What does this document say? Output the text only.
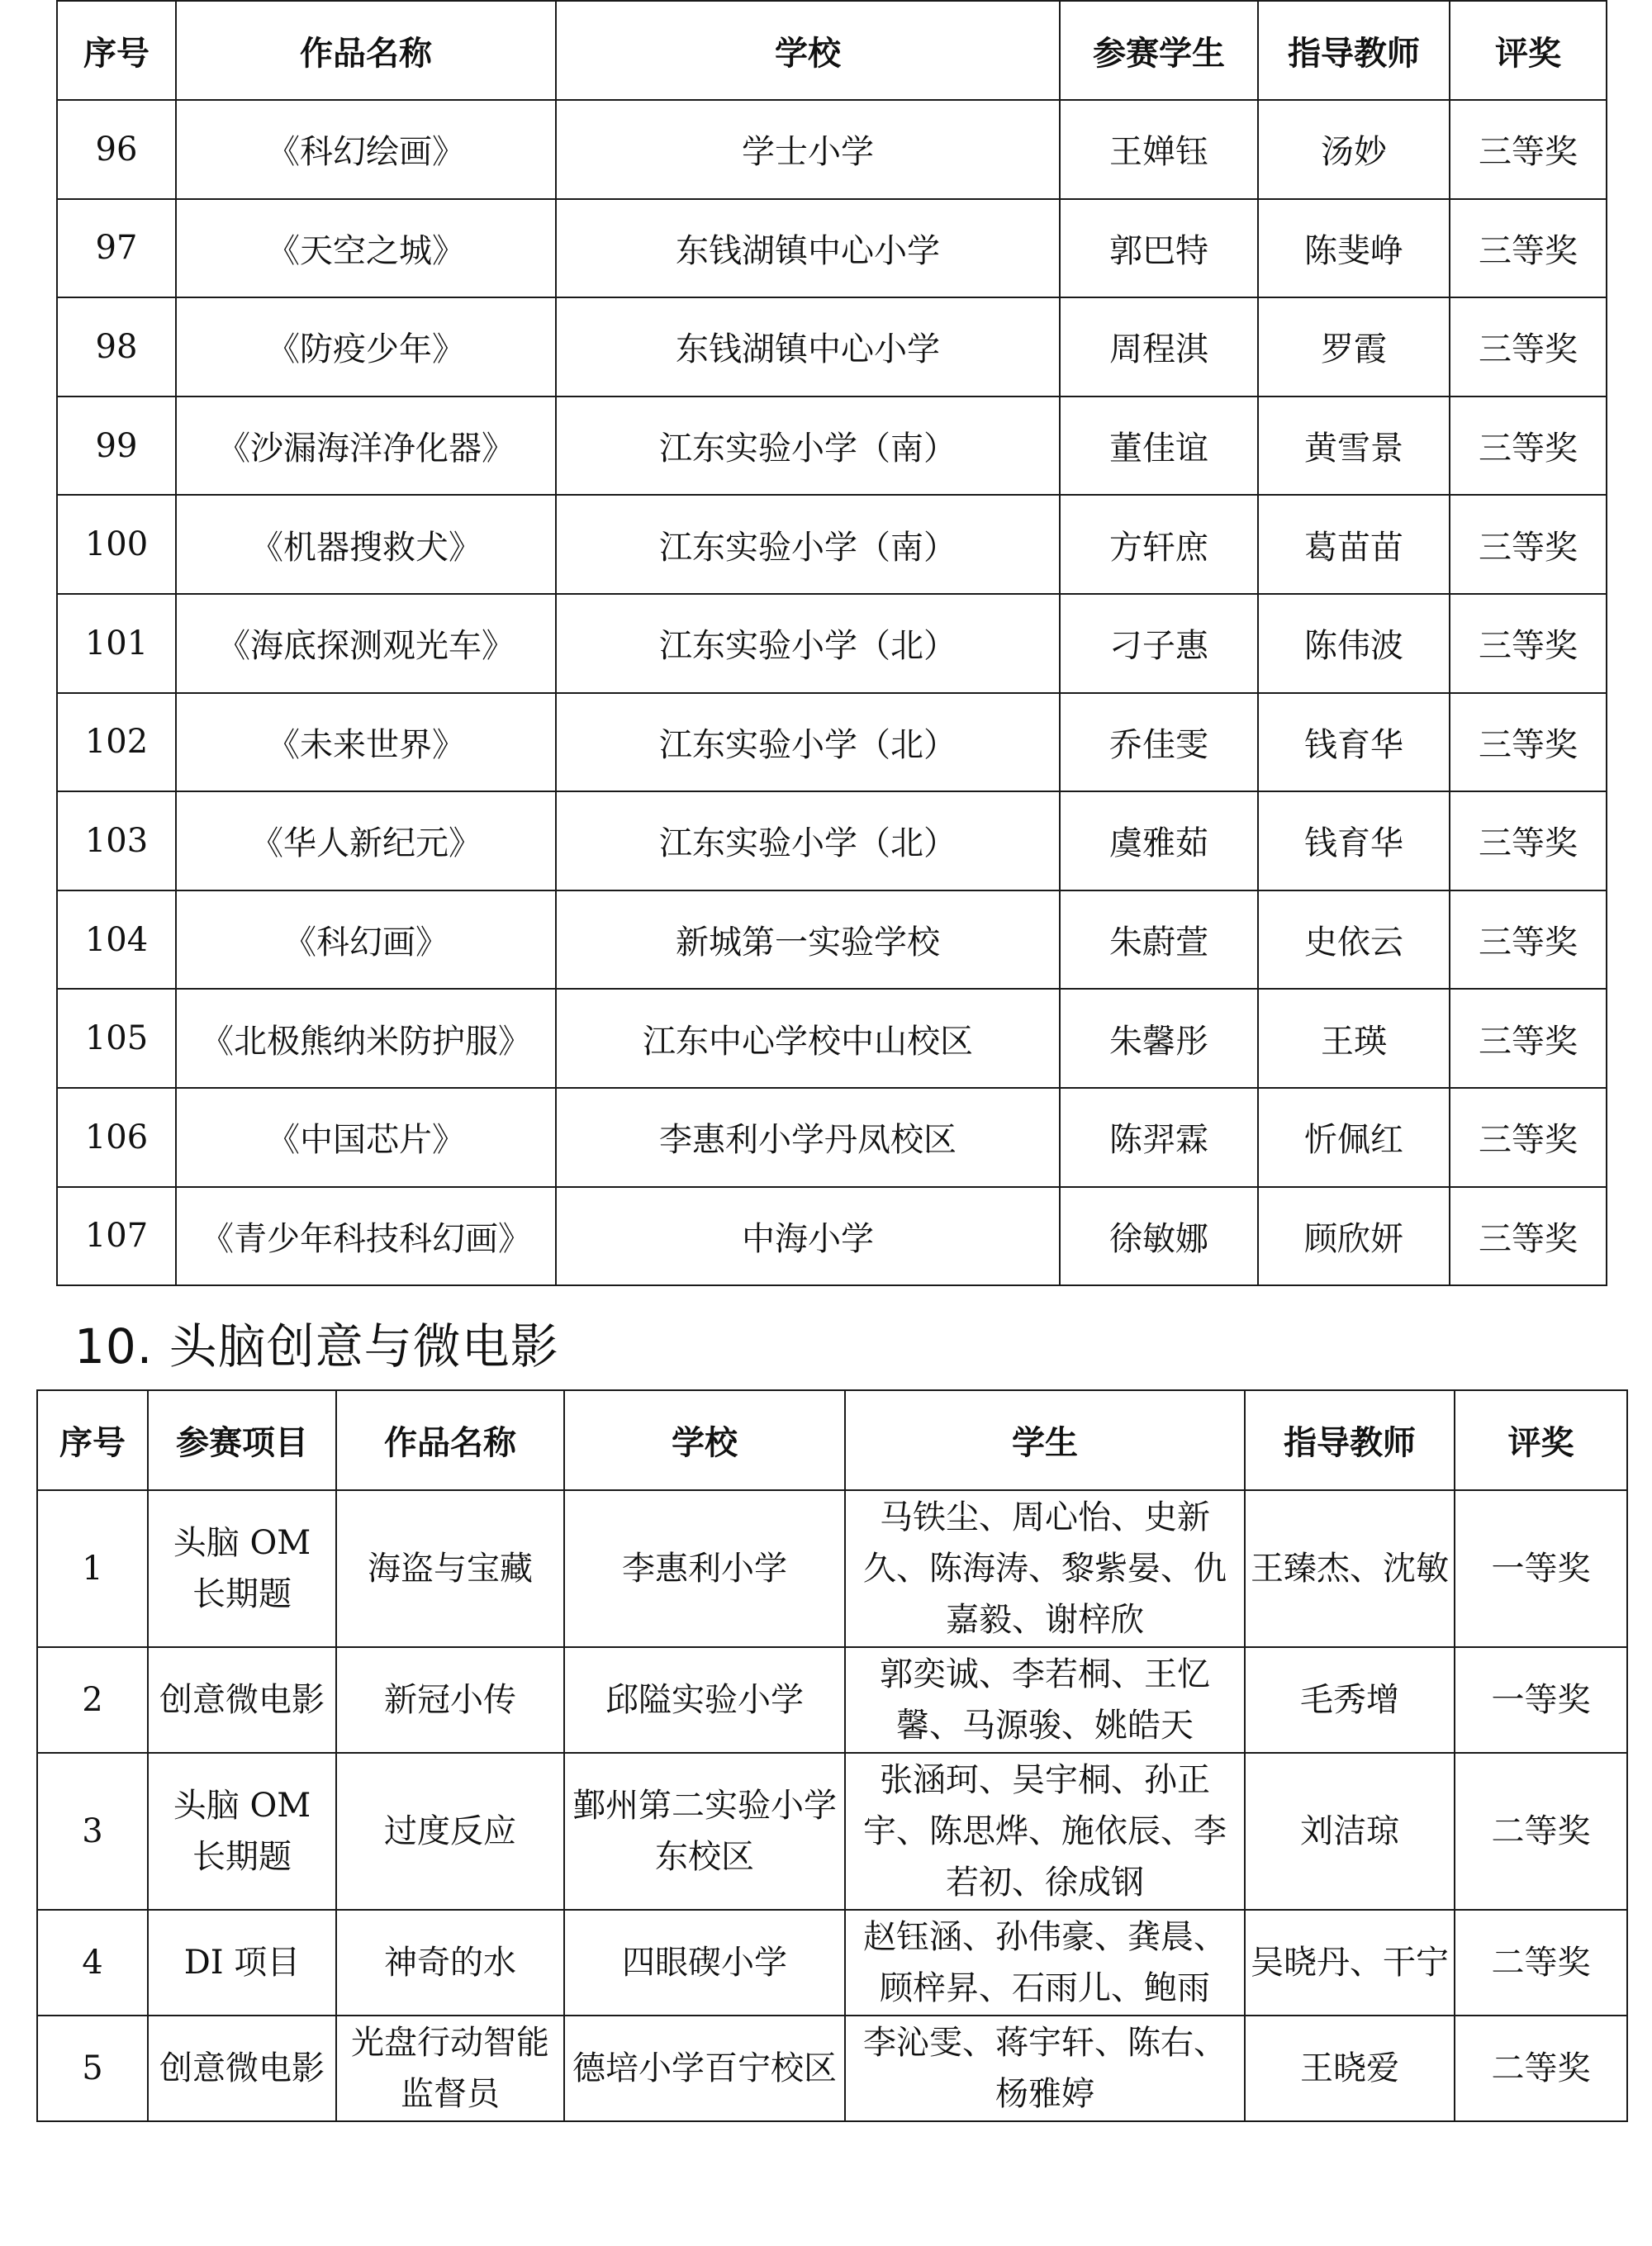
序号	作品名称	学校	参赛学生	指导教师	评奖
96	《科幻绘画》	学士小学	王婵钰	汤妙	三等奖
97	《天空之城》	东钱湖镇中心小学	郭巴特	陈斐峥	三等奖
98	《防疫少年》	东钱湖镇中心小学	周程淇	罗霞	三等奖
99	《沙漏海洋净化器》	江东实验小学（南）	董佳谊	黄雪景	三等奖
100	《机器搜救犬》	江东实验小学（南）	方轩庶	葛苗苗	三等奖
101	《海底探测观光车》	江东实验小学（北）	刁子惠	陈伟波	三等奖
102	《未来世界》	江东实验小学（北）	乔佳雯	钱育华	三等奖
103	《华人新纪元》	江东实验小学（北）	虞雅茹	钱育华	三等奖
104	《科幻画》	新城第一实验学校	朱蔚萱	史依云	三等奖
105	《北极熊纳米防护服》	江东中心学校中山校区	朱馨彤	王瑛	三等奖
106	《中国芯片》	李惠利小学丹凤校区	陈羿霖	忻佩红	三等奖
107	《青少年科技科幻画》	中海小学	徐敏娜	顾欣妍	三等奖
10. 头脑创意与微电影
序号	参赛项目	作品名称	学校	学生	指导教师	评奖
1	头脑 OM 长期题	海盗与宝藏	李惠利小学	马铁尘、周心怡、史新久、陈海涛、黎紫晏、仇嘉毅、谢梓欣	王臻杰、沈敏	一等奖
2	创意微电影	新冠小传	邱隘实验小学	郭奕诚、李若桐、王忆馨、马源骏、姚皓天	毛秀增	一等奖
3	头脑 OM 长期题	过度反应	鄞州第二实验小学东校区	张涵珂、吴宇桐、孙正宇、陈思烨、施依辰、李若初、徐成钢	刘洁琼	二等奖
4	DI 项目	神奇的水	四眼碶小学	赵钰涵、孙伟豪、龚晨、顾梓昇、石雨儿、鲍雨	吴晓丹、干宁	二等奖
5	创意微电影	光盘行动智能监督员	德培小学百宁校区	李沁雯、蒋宇轩、陈右、杨雅婷	王晓爱	二等奖
